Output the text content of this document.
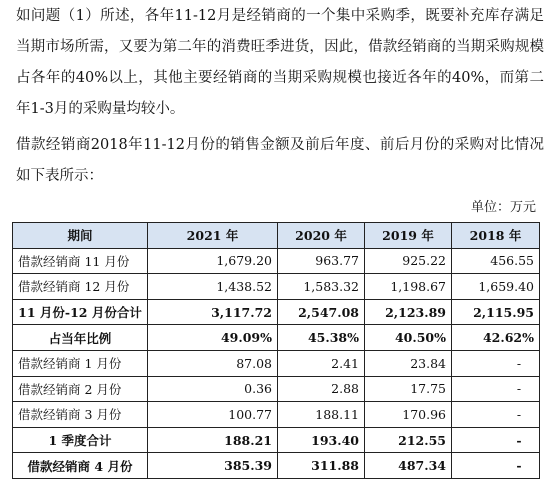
如问题（1）所述，各年11-12月是经销商的一个集中采购季，既要补充库存满足当期市场所需，又要为第二年的消费旺季进货，因此，借款经销商的当期采购规模占各年的40%以上，其他主要经销商的当期采购规模也接近各年的40%，而第二年1-3月的采购量均较小。

借款经销商2018年11-12月份的销售金额及前后年度、前后月份的采购对比情况如下表所示：

单位：万元
期间	2021 年	2020 年	2019 年	2018 年
借款经销商 11 月份	1,679.20	963.77	925.22	456.55
借款经销商 12 月份	1,438.52	1,583.32	1,198.67	1,659.40
11 月份-12 月份合计	3,117.72	2,547.08	2,123.89	2,115.95
占当年比例	49.09%	45.38%	40.50%	42.62%
借款经销商 1 月份	87.08	2.41	23.84	-
借款经销商 2 月份	0.36	2.88	17.75	-
借款经销商 3 月份	100.77	188.11	170.96	-
1 季度合计	188.21	193.40	212.55	-
借款经销商 4 月份	385.39	311.88	487.34	-
